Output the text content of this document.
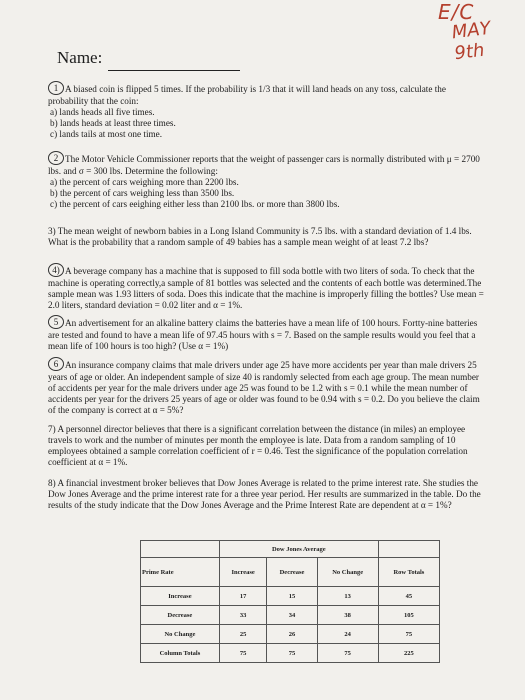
E/C
MAY 9th
Name:
1 A biased coin is flipped 5 times. If the probability is 1/3 that it will land heads on any toss, calculate the probability that the coin:
a) lands heads all five times.
b) lands heads at least three times.
c) lands tails at most one time.
2 The Motor Vehicle Commissioner reports that the weight of passenger cars is normally distributed with μ = 2700 lbs. and σ = 300 lbs. Determine the following:
a) the percent of cars weighing more than 2200 lbs.
b) the percent of cars weighing less than 3500 lbs.
c) the percent of cars eeighing either less than 2100 lbs. or more than 3800 lbs.
3) The mean weight of newborn babies in a Long Island Community is 7.5 lbs. with a standard deviation of 1.4 lbs. What is the probability that a random sample of 49 babies has a sample mean weight of at least 7.2 lbs?
4) A beverage company has a machine that is supposed to fill soda bottle with two liters of soda. To check that the machine is operating correctly,a sample of 81 bottles was selected and the contents of each bottle was determined.The sample mean was 1.93 litters of soda. Does this indicate that the machine is improperly filling the bottles? Use mean = 2.0 liters, standard deviation = 0.02 liter and α = 1%.
5 An advertisement for an alkaline battery claims the batteries have a mean life of 100 hours. Fortty-nine batteries are tested and found to have a mean life of 97.45 hours with s = 7. Based on the sample results would you feel that a mean life of 100 hours is too high? (Use α = 1%)
6 An insurance company claims that male drivers under age 25 have more accidents per year than male drivers 25 years of age or older. An independent sample of size 40 is randomly selected from each age group. The mean number of accidents per year for the male drivers under age 25 was found to be 1.2 with s = 0.1 while the mean number of accidents per year for the drivers 25 years of age or older was found to be 0.94 with s = 0.2. Do you believe the claim of the company is correct at α = 5%?
7) A personnel director believes that there is a significant correlation between the distance (in miles) an employee travels to work and the number of minutes per month the employee is late. Data from a random sampling of 10 employees obtained a sample correlation coefficient of r = 0.46. Test the significance of the population correlation coefficient at α = 1%.
8) A financial investment broker believes that Dow Jones Average is related to the prime interest rate. She studies the Dow Jones Average and the prime interest rate for a three year period. Her results are summarized in the table. Do the results of the study indicate that the Dow Jones Average and the Prime Interest Rate are dependent at α = 1%?
	Dow Jones Average			
Prime Rate	Increase	Decrease	No Change	Row Totals
Increase	17	15	13	45
Decrease	33	34	38	105
No Change	25	26	24	75
Column Totals	75	75	75	225
